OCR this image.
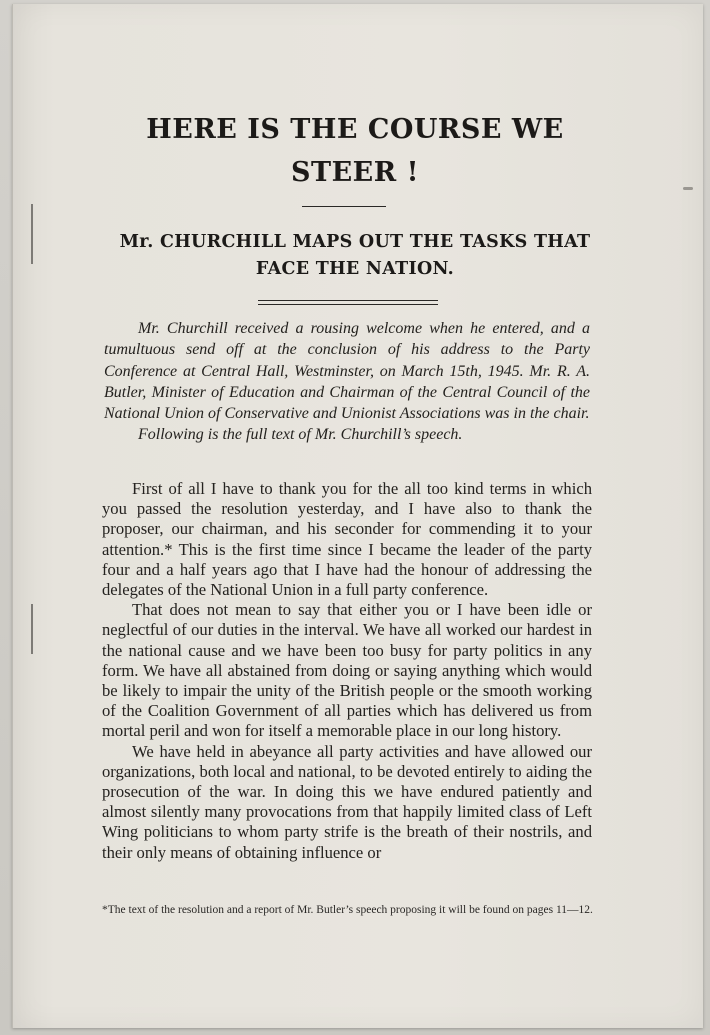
HERE IS THE COURSE WE STEER !
Mr. CHURCHILL MAPS OUT THE TASKS THAT FACE THE NATION.

Mr. Churchill received a rousing welcome when he entered, and a tumultuous send off at the conclusion of his address to the Party Conference at Central Hall, Westminster, on March 15th, 1945. Mr. R. A. Butler, Minister of Education and Chairman of the Central Council of the National Union of Conservative and Unionist Associations was in the chair.

Following is the full text of Mr. Churchill’s speech.

First of all I have to thank you for the all too kind terms in which you passed the resolution yesterday, and I have also to thank the proposer, our chairman, and his seconder for commending it to your attention.* This is the first time since I became the leader of the party four and a half years ago that I have had the honour of addressing the delegates of the National Union in a full party conference.

That does not mean to say that either you or I have been idle or neglectful of our duties in the interval. We have all worked our hardest in the national cause and we have been too busy for party politics in any form. We have all abstained from doing or saying anything which would be likely to impair the unity of the British people or the smooth working of the Coalition Government of all parties which has delivered us from mortal peril and won for itself a memorable place in our long history.

We have held in abeyance all party activities and have allowed our organizations, both local and national, to be devoted entirely to aiding the prosecution of the war. In doing this we have endured patiently and almost silently many provocations from that happily limited class of Left Wing politicians to whom party strife is the breath of their nostrils, and their only means of obtaining influence or

*The text of the resolution and a report of Mr. Butler’s speech proposing it will be found on pages 11—12.
